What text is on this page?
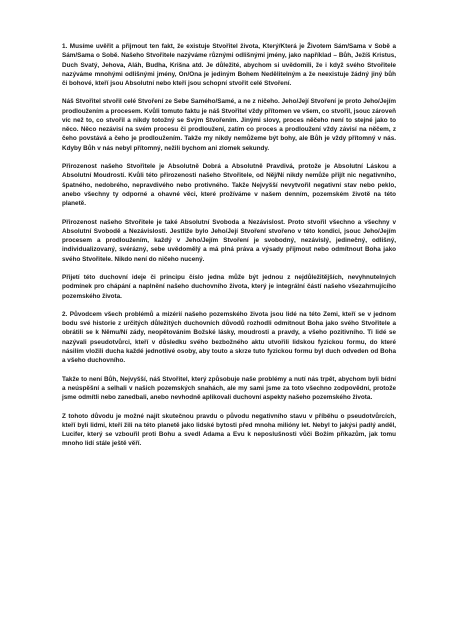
1. Musíme uvěřit a přijmout ten fakt, že existuje Stvořitel života, Který/Která je Životem Sám/Sama v Sobě a Sám/Sama o Sobě. Našeho Stvořitele nazýváme různými odlišnými jmény, jako například – Bůh, Ježíš Kristus, Duch Svatý, Jehova, Aláh, Budha, Krišna atd. Je důležité, abychom si uvědomili, že i když svého Stvořitele nazýváme mnohými odlišnými jmény, On/Ona je jediným Bohem Nedělitelným a že neexistuje žádný jiný bůh či bohové, kteří jsou Absolutní nebo kteří jsou schopní stvořit celé Stvoření.

Náš Stvořitel stvořil celé Stvoření ze Sebe Samého/Samé, a ne z ničeho. Jeho/Její Stvoření je proto Jeho/Jejím prodloužením a procesem. Kvůli tomuto faktu je náš Stvořitel vždy přítomen ve všem, co stvořil, jsouc zároveň víc než to, co stvořil a nikdy totožný se Svým Stvořením. Jinými slovy, proces něčeho není to stejné jako to něco. Něco nezávisí na svém procesu či prodloužení, zatím co proces a prodloužení vždy závisí na něčem, z čeho povstává a čeho je prodloužením. Takže my nikdy nemůžeme být bohy, ale Bůh je vždy přítomný v nás. Kdyby Bůh v nás nebyl přítomný, nežili bychom ani zlomek sekundy.

Přirozenost našeho Stvořitele je Absolutně Dobrá a Absolutně Pravdivá, protože je Absolutní Láskou a Absolutní Moudrostí. Kvůli této přirozenosti našeho Stvořitele, od Něj/Ní nikdy nemůže přijít nic negativního, špatného, nedobrého, nepravdivého nebo protivného. Takže Nejvyšší nevytvořil negativní stav nebo peklo, anebo všechny ty odporné a ohavné věci, které prožíváme v našem denním, pozemském životě na této planetě.

Přirozenost našeho Stvořitele je také Absolutní Svoboda a Nezávislost. Proto stvořil všechno a všechny v Absolutní Svobodě a Nezávislosti. Jestliže bylo Jeho/Její Stvoření stvořeno v této kondici, jsouc Jeho/Jejím procesem a prodloužením, každý v Jeho/Jejím Stvoření je svobodný, nezávislý, jedinečný, odlišný, individualizovaný, svérázný, sebe uvědomělý a má plná práva a výsady přijmout nebo odmítnout Boha jako svého Stvořitele. Nikdo není do ničeho nucený.

Přijetí této duchovní ideje či principu číslo jedna může být jednou z nejdůležitějších, nevyhnutelných podmínek pro chápání a naplnění našeho duchovního života, který je integrální částí našeho všezahrnujícího pozemského života.

2. Původcem všech problémů a mizérií našeho pozemského života jsou lidé na této Zemi, kteří se v jednom bodu své historie z určitých důležitých duchovních důvodů rozhodli odmítnout Boha jako svého Stvořitele a obrátili se k Němu/Ní zády, neopětováním Božské lásky, moudrosti a pravdy, a všeho pozitivního. Ti lidé se nazývali pseudotvůrci, kteří v důsledku svého bezbožného aktu utvořili lidskou fyzickou formu, do které násilím vložili ducha každé jednotlivé osoby, aby touto a skrze tuto fyzickou formu byl duch odveden od Boha a všeho duchovního.

Takže to není Bůh, Nejvyšší, náš Stvořitel, který způsobuje naše problémy a nutí nás trpět, abychom byli bídní a neúspěšní a selhali v našich pozemských snahách, ale my sami jsme za toto všechno zodpovědní, protože jsme odmítli nebo zanedbali, anebo nevhodně aplikovali duchovní aspekty našeho pozemského života.

Z tohoto důvodu je možné najít skutečnou pravdu o původu negativního stavu v příběhu o pseudotvůrcích, kteří byli lidmi, kteří žili na této planetě jako lidské bytosti před mnoha milióny let. Nebyl to jakýsi padlý anděl, Lucifer, který se vzbouřil proti Bohu a svedl Adama a Evu k neposlušnosti vůči Božím příkazům, jak tomu mnoho lidí stále ještě věří.
